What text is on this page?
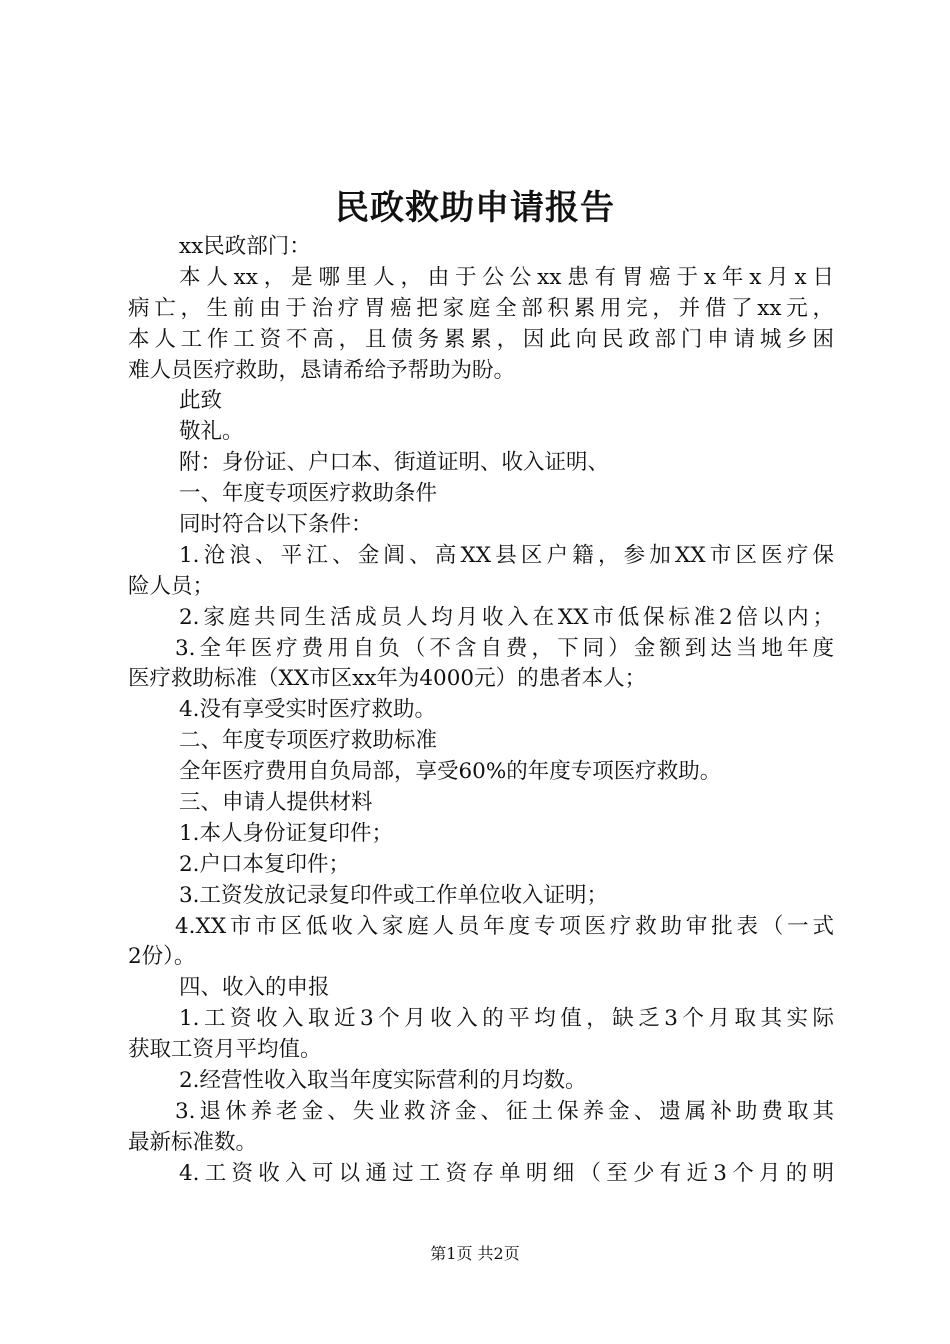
民政救助申请报告
xx民政部门：
本人xx，是哪里人，由于公公xx患有胃癌于x年x月x日
病亡，生前由于治疗胃癌把家庭全部积累用完，并借了xx元，
本人工作工资不高，且债务累累，因此向民政部门申请城乡困
难人员医疗救助，恳请希给予帮助为盼。
此致
敬礼。
附：身份证、户口本、街道证明、收入证明、
一、年度专项医疗救助条件
同时符合以下条件：
1.沧浪、平江、金阊、高XX县区户籍，参加XX市区医疗保
险人员；
2.家庭共同生活成员人均月收入在XX市低保标准2倍以内；
3.全年医疗费用自负（不含自费，下同）金额到达当地年度
医疗救助标准（XX市区xx年为4000元）的患者本人；
4.没有享受实时医疗救助。
二、年度专项医疗救助标准
全年医疗费用自负局部，享受60%的年度专项医疗救助。
三、申请人提供材料
1.本人身份证复印件；
2.户口本复印件；
3.工资发放记录复印件或工作单位收入证明；
4.XX市市区低收入家庭人员年度专项医疗救助审批表（一式
2份）。
四、收入的申报
1.工资收入取近3个月收入的平均值，缺乏3个月取其实际
获取工资月平均值。
2.经营性收入取当年度实际营利的月均数。
3.退休养老金、失业救济金、征土保养金、遗属补助费取其
最新标准数。
4.工资收入可以通过工资存单明细（至少有近3个月的明
第1页 共2页
